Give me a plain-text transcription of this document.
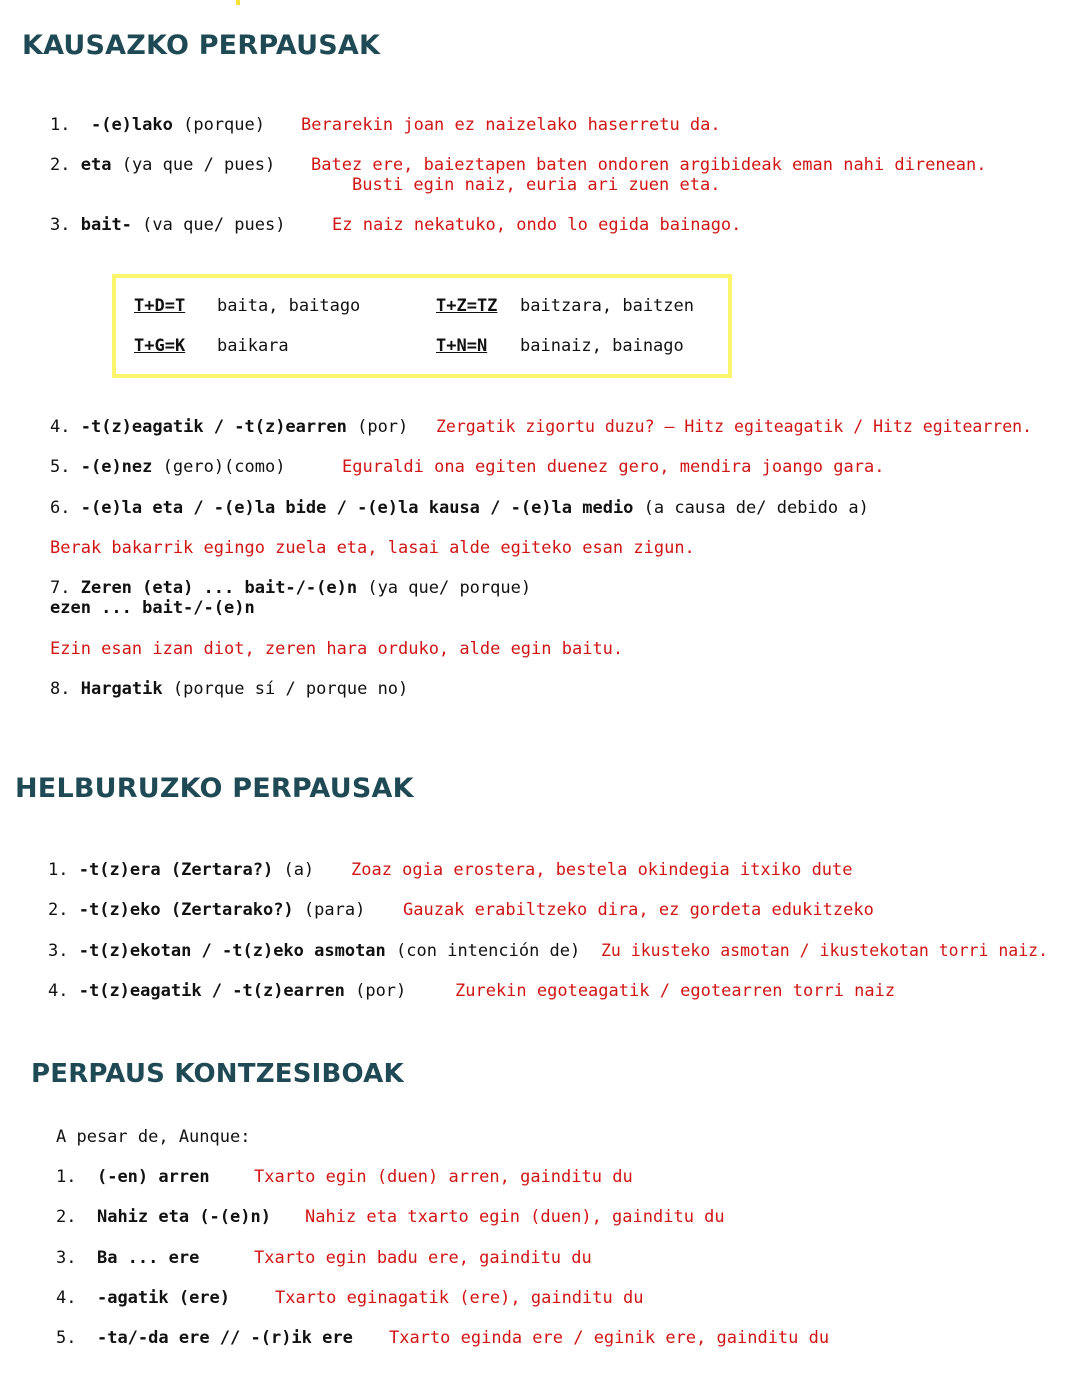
KAUSAZKO PERPAUSAK
1. -(e)lako (porque) Berarekin joan ez naizelako haserretu da.
2. eta (ya que / pues) Batez ere, baieztapen baten ondoren argibideak eman nahi direnean.
Busti egin naiz, euria ari zuen eta.
3. bait- (va que/ pues)	Ez naiz nekatuko, ondo lo egida bainago.
T+D=T baita, baitago	T+Z=TZ baitzara, baitzen
T+G=K baikara	T+N=N bainaiz, bainago
4. -t(z)eagatik / -t(z)earren (por) Zergatik zigortu duzu? – Hitz egiteagatik / Hitz egitearren.
5. -(e)nez (gero)(como)	Eguraldi ona egiten duenez gero, mendira joango gara.
6. -(e)la eta / -(e)la bide / -(e)la kausa / -(e)la medio (a causa de/ debido a)
Berak bakarrik egingo zuela eta, lasai alde egiteko esan zigun.
7. Zeren (eta) ... bait-/-(e)n (ya que/ porque)
ezen ... bait-/-(e)n
Ezin esan izan diot, zeren hara orduko, alde egin baitu.
8. Hargatik (porque sí / porque no)
HELBURUZKO PERPAUSAK
1. -t(z)era (Zertara?) (a) Zoaz ogia erostera, bestela okindegia itxiko dute
2. -t(z)eko (Zertarako?) (para) Gauzak erabiltzeko dira, ez gordeta edukitzeko
3. -t(z)ekotan / -t(z)eko asmotan (con intención de) Zu ikusteko asmotan / ikustekotan torri naiz.
4. -t(z)eagatik / -t(z)earren (por)	Zurekin egoteagatik / egotearren torri naiz
PERPAUS KONTZESIBOAK
A pesar de, Aunque:
1. (-en) arren	Txarto egin (duen) arren, gainditu du
2. Nahiz eta (-(e)n) Nahiz eta txarto egin (duen), gainditu du
3. Ba ... ere	Txarto egin badu ere, gainditu du
4. -agatik (ere)	Txarto eginagatik (ere), gainditu du
5. -ta/-da ere // -(r)ik ere Txarto eginda ere / eginik ere, gainditu du
